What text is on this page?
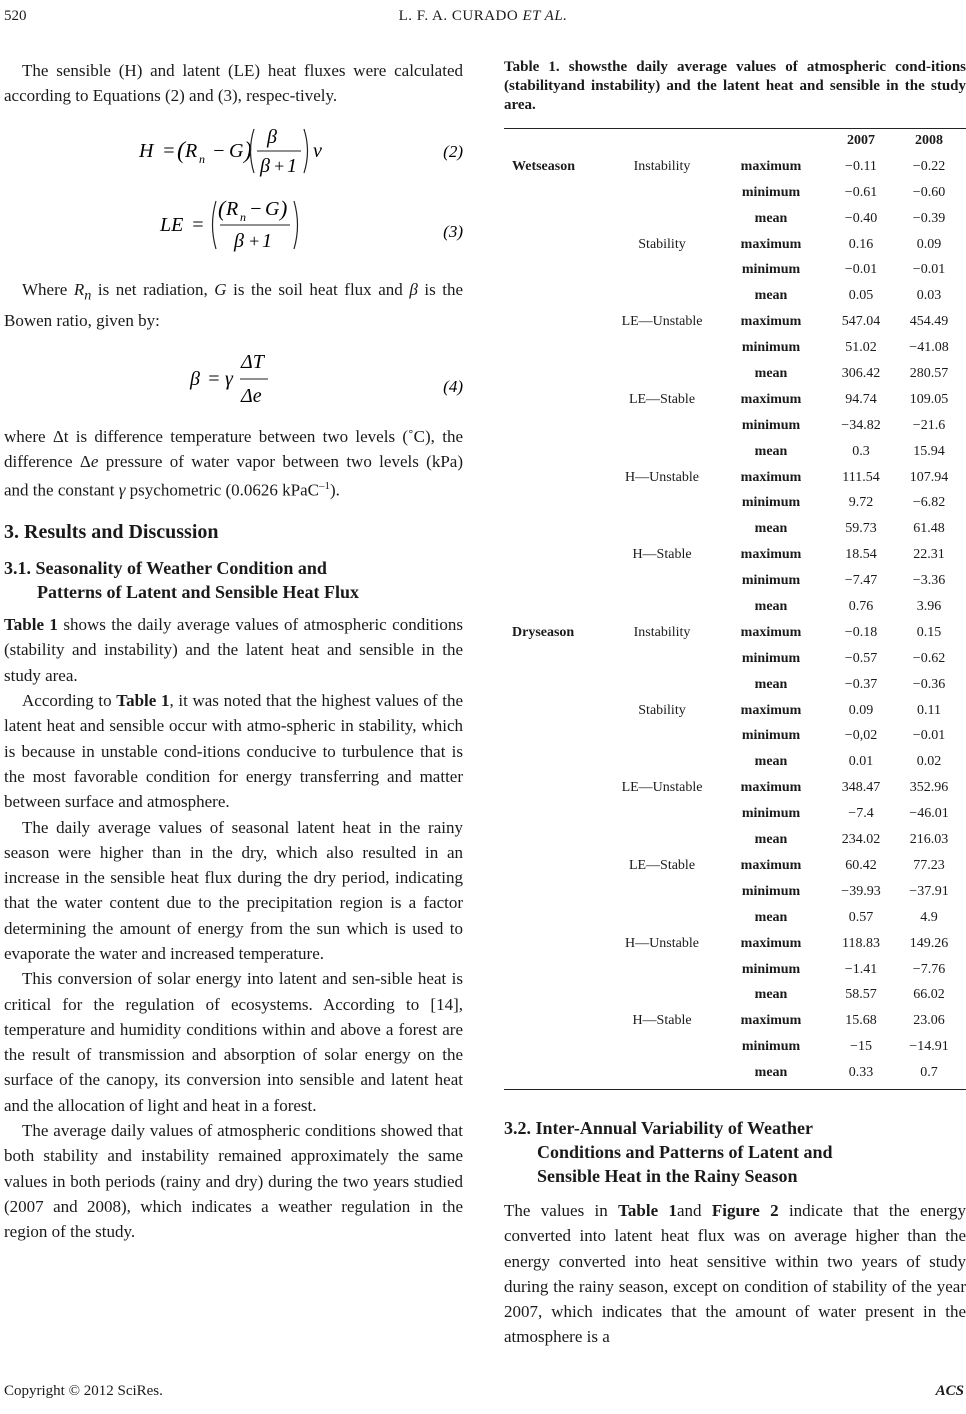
520	L. F. A. CURADO ET AL.

The sensible (H) and latent (LE) heat fluxes were calculated according to Equations (2) and (3), respec-tively.

H = ( R n − G )
β
β + 1
v	(2)
LE =
( R n − G )
β + 1	(3)

Where $R_n$ is net radiation, G is the soil heat flux and β is the Bowen ratio, given by:

β = γ
ΔT
Δe	(4)

where Δt is difference temperature between two levels (˚C), the difference Δe pressure of water vapor between two levels (kPa) and the constant γ psychometric (0.0626 kPaC$^{-1}$).

3. Results and Discussion
3.1. Seasonality of Weather Condition and
Patterns of Latent and Sensible Heat Flux

Table 1 shows the daily average values of atmospheric conditions (stability and instability) and the latent heat and sensible in the study area.

According to Table 1, it was noted that the highest values of the latent heat and sensible occur with atmo-spheric in stability, which is because in unstable cond-itions conducive to turbulence that is the most favorable condition for energy transferring and matter between surface and atmosphere.

The daily average values of seasonal latent heat in the rainy season were higher than in the dry, which also resulted in an increase in the sensible heat flux during the dry period, indicating that the water content due to the precipitation region is a factor determining the amount of energy from the sun which is used to evaporate the water and increased temperature.

This conversion of solar energy into latent and sen-sible heat is critical for the regulation of ecosystems. According to [14], temperature and humidity conditions within and above a forest are the result of transmission and absorption of solar energy on the surface of the canopy, its conversion into sensible and latent heat and the allocation of light and heat in a forest.

The average daily values of atmospheric conditions showed that both stability and instability remained approximately the same values in both periods (rainy and dry) during the two years studied (2007 and 2008), which indicates a weather regulation in the region of the study.

Table 1. showsthe daily average values of atmospheric cond-itions (stabilityand instability) and the latent heat and sensible in the study area.
2007	2008
Wetseason	Instability	maximum	−0.11	−0.22
minimum	−0.61	−0.60
mean	−0.40	−0.39
Stability	maximum	0.16	0.09
minimum	−0.01	−0.01
mean	0.05	0.03
LE—Unstable	maximum	547.04	454.49
minimum	51.02	−41.08
mean	306.42	280.57
LE—Stable	maximum	94.74	109.05
minimum	−34.82	−21.6
mean	0.3	15.94
H—Unstable	maximum	111.54	107.94
minimum	9.72	−6.82
mean	59.73	61.48
H—Stable	maximum	18.54	22.31
minimum	−7.47	−3.36
mean	0.76	3.96
Dryseason	Instability	maximum	−0.18	0.15
minimum	−0.57	−0.62
mean	−0.37	−0.36
Stability	maximum	0.09	0.11
minimum	−0,02	−0.01
mean	0.01	0.02
LE—Unstable	maximum	348.47	352.96
minimum	−7.4	−46.01
mean	234.02	216.03
LE—Stable	maximum	60.42	77.23
minimum	−39.93	−37.91
mean	0.57	4.9
H—Unstable	maximum	118.83	149.26
minimum	−1.41	−7.76
mean	58.57	66.02
H—Stable	maximum	15.68	23.06
minimum	−15	−14.91
mean	0.33	0.7
3.2. Inter-Annual Variability of Weather
Conditions and Patterns of Latent and
Sensible Heat in the Rainy Season

The values in Table 1and Figure 2 indicate that the energy converted into latent heat flux was on average higher than the energy converted into heat sensitive within two years of study during the rainy season, except on condition of stability of the year 2007, which indicates that the amount of water present in the atmosphere is a

Copyright © 2012 SciRes.	ACS
